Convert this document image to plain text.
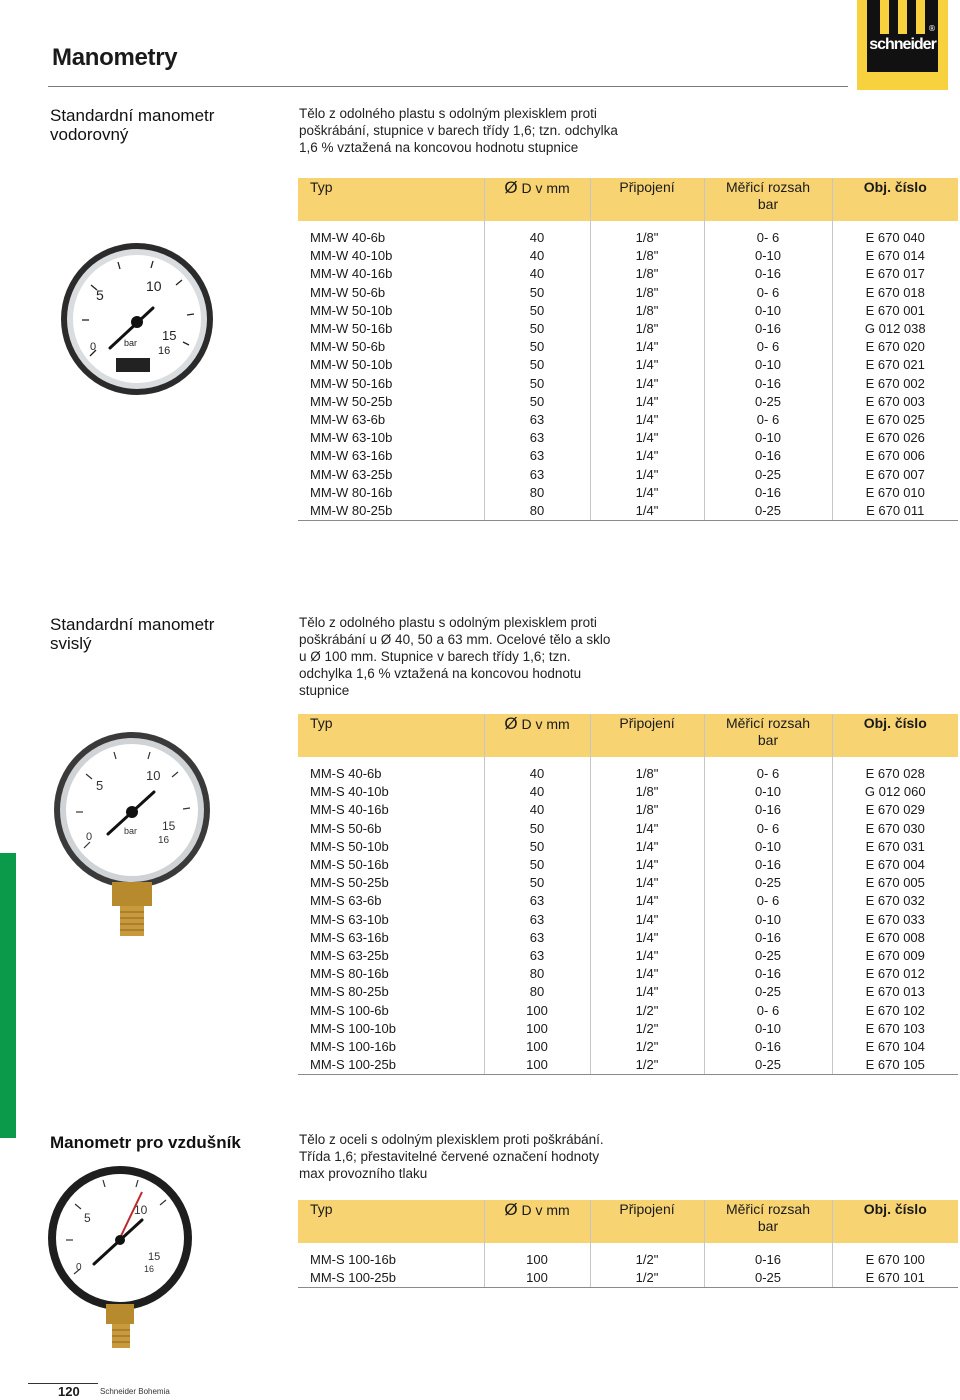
Manometry	schneider
®
Standardní manometr
vodorovný
Tělo z odolného plastu s odolným plexisklem proti
poškrábání, stupnice v barech třídy 1,6; tzn. odchylka
1,6 % vztažená na koncovou hodnotu stupnice
Typ	Ø D v mm	Připojení	Měřicí rozsah
bar	Obj. číslo

MM-W 40-6b	40	1/8"	0- 6	E 670 040
MM-W 40-10b	40	1/8"	0-10	E 670 014
MM-W 40-16b	40	1/8"	0-16	E 670 017
MM-W 50-6b	50	1/8"	0- 6	E 670 018
MM-W 50-10b	50	1/8"	0-10	E 670 001
MM-W 50-16b	50	1/8"	0-16	G 012 038
MM-W 50-6b	50	1/4"	0- 6	E 670 020
MM-W 50-10b	50	1/4"	0-10	E 670 021
MM-W 50-16b	50	1/4"	0-16	E 670 002
MM-W 50-25b	50	1/4"	0-25	E 670 003
MM-W 63-6b	63	1/4"	0- 6	E 670 025
MM-W 63-10b	63	1/4"	0-10	E 670 026
MM-W 63-16b	63	1/4"	0-16	E 670 006
MM-W 63-25b	63	1/4"	0-25	E 670 007
MM-W 80-16b	80	1/4"	0-16	E 670 010
MM-W 80-25b	80	1/4"	0-25	E 670 011
5
10
15
16
0	bar
Standardní manometr
svislý
Tělo z odolného plastu s odolným plexisklem proti
poškrábání u Ø 40, 50 a 63 mm. Ocelové tělo a sklo
u Ø 100 mm. Stupnice v barech třídy 1,6; tzn.
odchylka 1,6 % vztažená na koncovou hodnotu
stupnice
Typ	Ø D v mm	Připojení	Měřicí rozsah
bar	Obj. číslo

MM-S 40-6b	40	1/8"	0- 6	E 670 028
MM-S 40-10b	40	1/8"	0-10	G 012 060
MM-S 40-16b	40	1/8"	0-16	E 670 029
MM-S 50-6b	50	1/4"	0- 6	E 670 030
MM-S 50-10b	50	1/4"	0-10	E 670 031
MM-S 50-16b	50	1/4"	0-16	E 670 004
MM-S 50-25b	50	1/4"	0-25	E 670 005
MM-S 63-6b	63	1/4"	0- 6	E 670 032
MM-S 63-10b	63	1/4"	0-10	E 670 033
MM-S 63-16b	63	1/4"	0-16	E 670 008
MM-S 63-25b	63	1/4"	0-25	E 670 009
MM-S 80-16b	80	1/4"	0-16	E 670 012
MM-S 80-25b	80	1/4"	0-25	E 670 013
MM-S 100-6b	100	1/2"	0- 6	E 670 102
MM-S 100-10b	100	1/2"	0-10	E 670 103
MM-S 100-16b	100	1/2"	0-16	E 670 104
MM-S 100-25b	100	1/2"	0-25	E 670 105
5
10
15
16
0	bar
Manometr pro vzdušník	Tělo z oceli s odolným plexisklem proti poškrábání.
Třída 1,6; přestavitelné červené označení hodnoty
max provozního tlaku
Typ	Ø D v mm	Připojení	Měřicí rozsah
bar	Obj. číslo

MM-S 100-16b	100	1/2"	0-16	E 670 100
MM-S 100-25b	100	1/2"	0-25	E 670 101
5
10
15
16
0
120	Schneider Bohemia
